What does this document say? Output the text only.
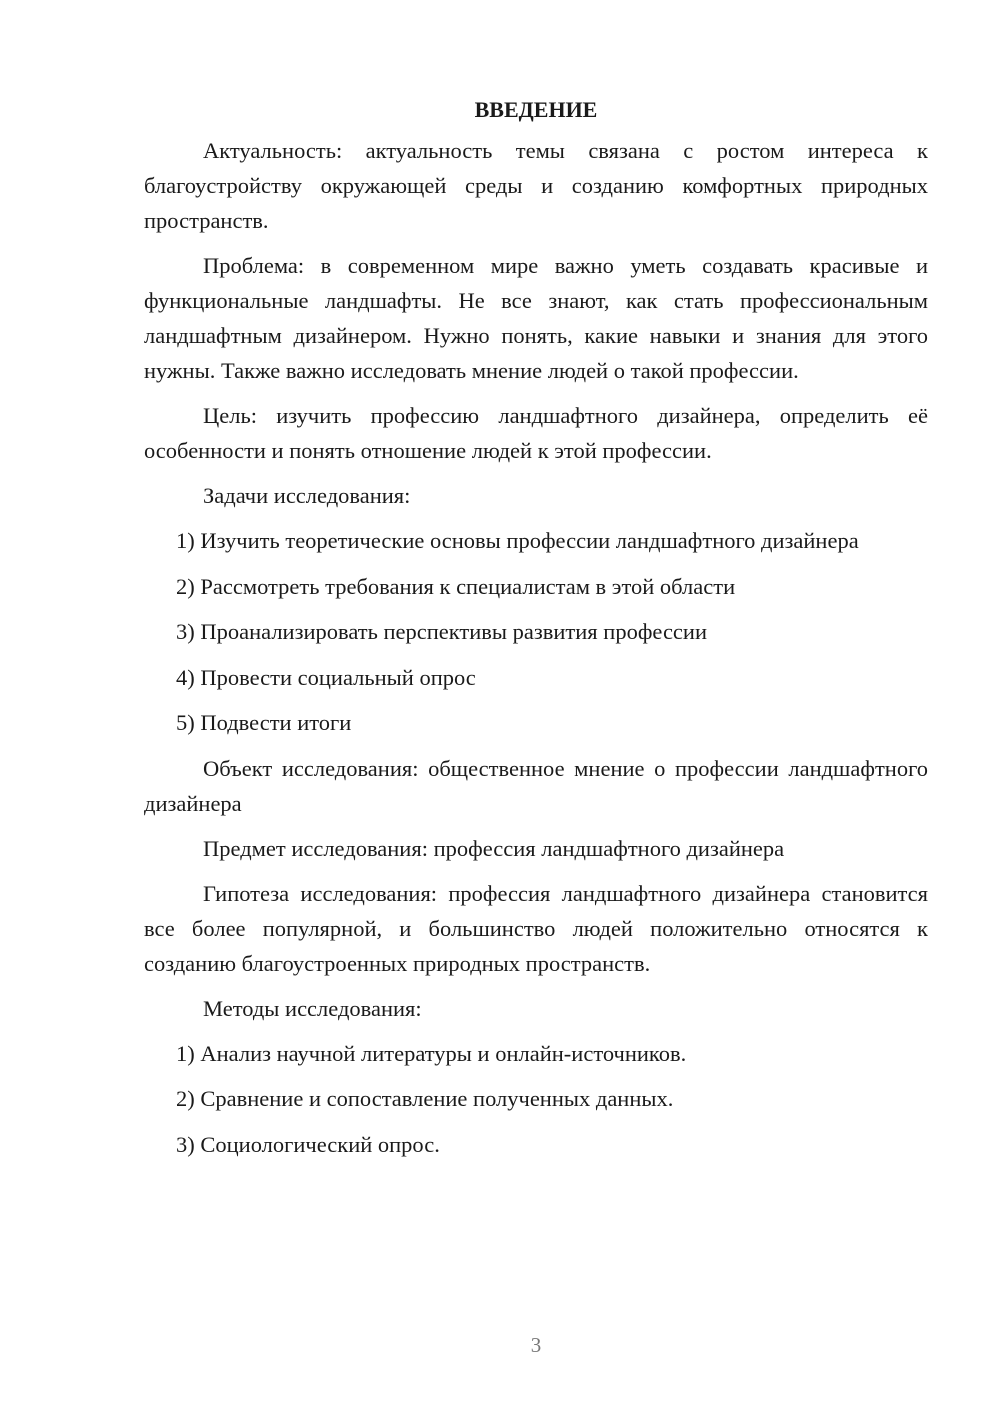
ВВЕДЕНИЕ

Актуальность: актуальность темы связана с ростом интереса к благоустройству окружающей среды и созданию комфортных природных пространств.

Проблема: в современном мире важно уметь создавать красивые и функциональные ландшафты. Не все знают, как стать профессиональным ландшафтным дизайнером. Нужно понять, какие навыки и знания для этого нужны. Также важно исследовать мнение людей о такой профессии.

Цель: изучить профессию ландшафтного дизайнера, определить её особенности и понять отношение людей к этой профессии.

Задачи исследования:

1) Изучить теоретические основы профессии ландшафтного дизайнера
2) Рассмотреть требования к специалистам в этой области
3) Проанализировать перспективы развития профессии
4) Провести социальный опрос
5) Подвести итоги

Объект исследования: общественное мнение о профессии ландшафтного дизайнера

Предмет исследования: профессия ландшафтного дизайнера

Гипотеза исследования: профессия ландшафтного дизайнера становится все более популярной, и большинство людей положительно относятся к созданию благоустроенных природных пространств.

Методы исследования:

1) Анализ научной литературы и онлайн-источников.
2) Сравнение и сопоставление полученных данных.
3) Социологический опрос.
3
